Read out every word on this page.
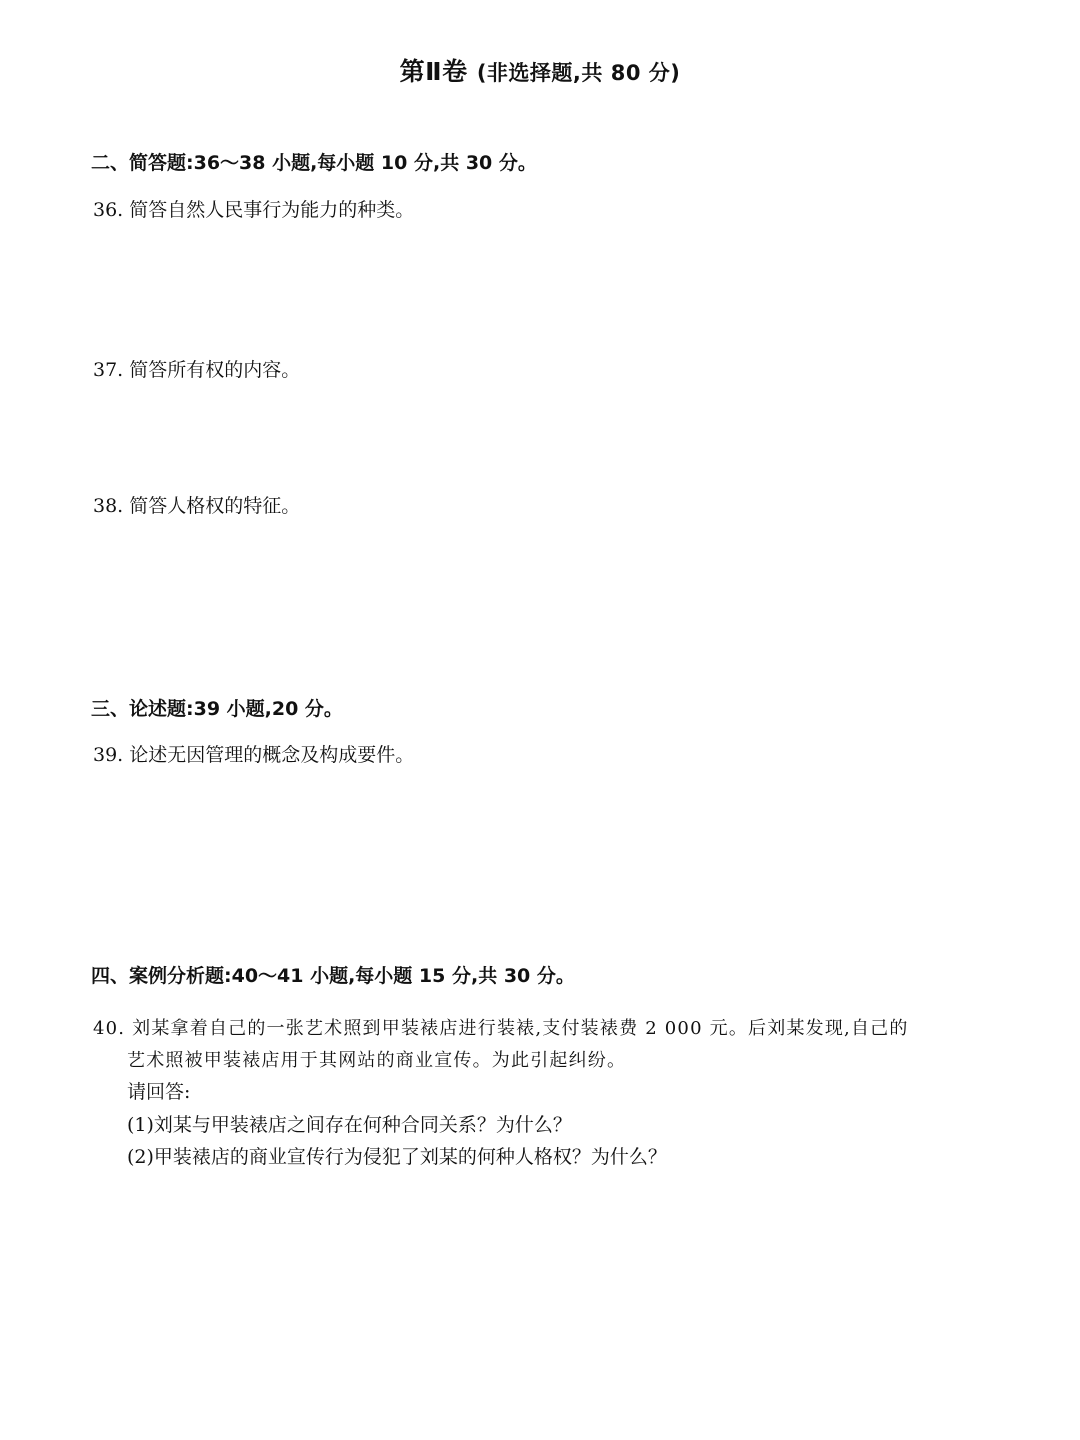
第Ⅱ卷 (非选择题,共 80 分)
二、简答题:36～38 小题,每小题 10 分,共 30 分。
36. 简答自然人民事行为能力的种类。
37. 简答所有权的内容。
38. 简答人格权的特征。
三、论述题:39 小题,20 分。
39. 论述无因管理的概念及构成要件。
四、案例分析题:40～41 小题,每小题 15 分,共 30 分。
40. 刘某拿着自己的一张艺术照到甲装裱店进行装裱,支付装裱费 2 000 元。后刘某发现,自己的
艺术照被甲装裱店用于其网站的商业宣传。为此引起纠纷。
请回答:
(1)刘某与甲装裱店之间存在何种合同关系？为什么？
(2)甲装裱店的商业宣传行为侵犯了刘某的何种人格权？为什么？
